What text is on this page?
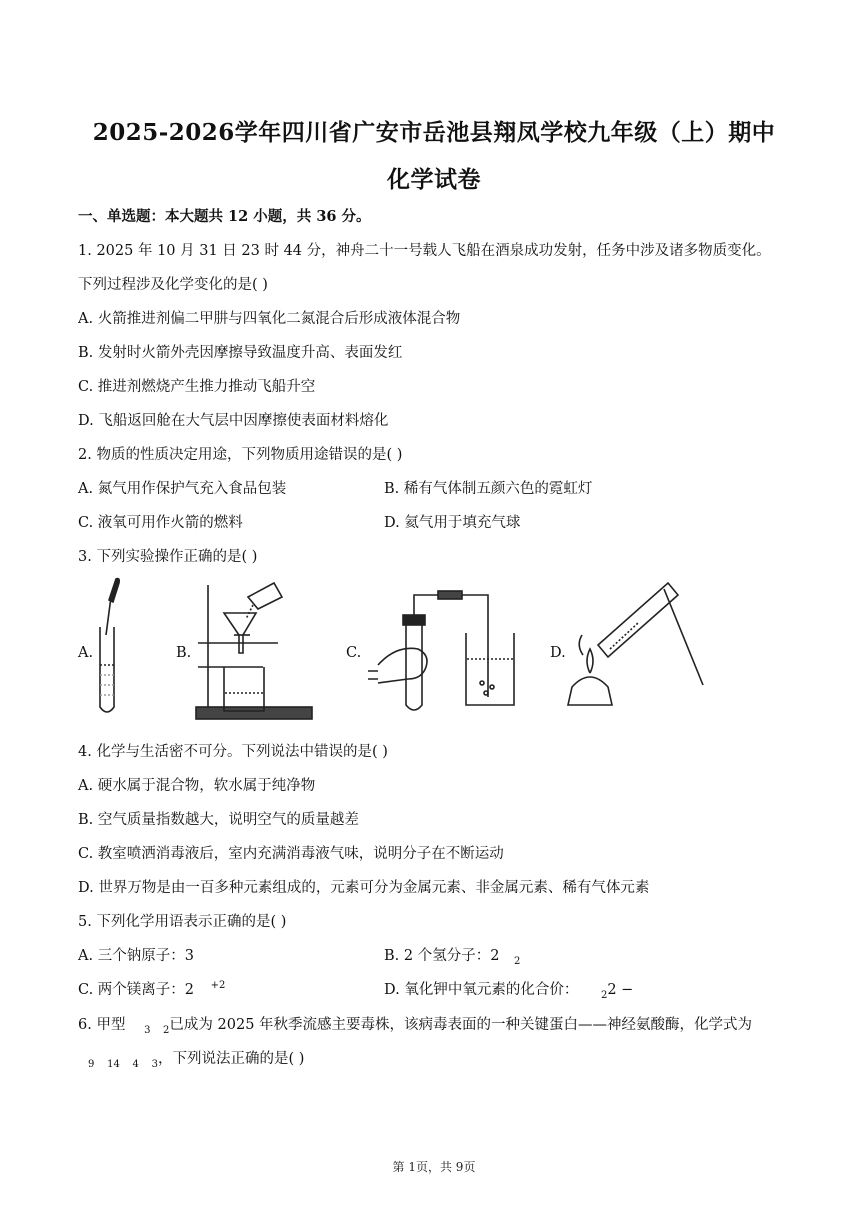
2025-2026学年四川省广安市岳池县翔凤学校九年级（上）期中
化学试卷
一、单选题：本大题共 12 小题，共 36 分。
1. 2025 年 10 月 31 日 23 时 44 分，神舟二十一号载人飞船在酒泉成功发射，任务中涉及诸多物质变化。
下列过程涉及化学变化的是( )
A. 火箭推进剂偏二甲肼与四氧化二氮混合后形成液体混合物
B. 发射时火箭外壳因摩擦导致温度升高、表面发红
C. 推进剂燃烧产生推力推动飞船升空
D. 飞船返回舱在大气层中因摩擦使表面材料熔化
2. 物质的性质决定用途，下列物质用途错误的是( )
A. 氮气用作保护气充入食品包装	B. 稀有气体制五颜六色的霓虹灯
C. 液氧可用作火箭的燃料	D. 氦气用于填充气球
3. 下列实验操作正确的是( )
A.	B.	C.	D.
4. 化学与生活密不可分。下列说法中错误的是( )
A. 硬水属于混合物，软水属于纯净物
B. 空气质量指数越大，说明空气的质量越差
C. 教室喷洒消毒液后，室内充满消毒液气味，说明分子在不断运动
D. 世界万物是由一百多种元素组成的，元素可分为金属元素、非金属元素、稀有气体元素
5. 下列化学用语表示正确的是( )
A. 三个钠原子：3	B. 2 个氢分子：2 $_2$
C. 两个镁离子：2 $^{+2}$	D. 氧化钾中氧元素的化合价： $_2$2 −
6. 甲型 $_3$ $_2$已成为 2025 年秋季流感主要毒株，该病毒表面的一种关键蛋白——神经氨酸酶，化学式为
$_{9 14 4 3}$，下列说法正确的是( )
第 1页，共 9页
